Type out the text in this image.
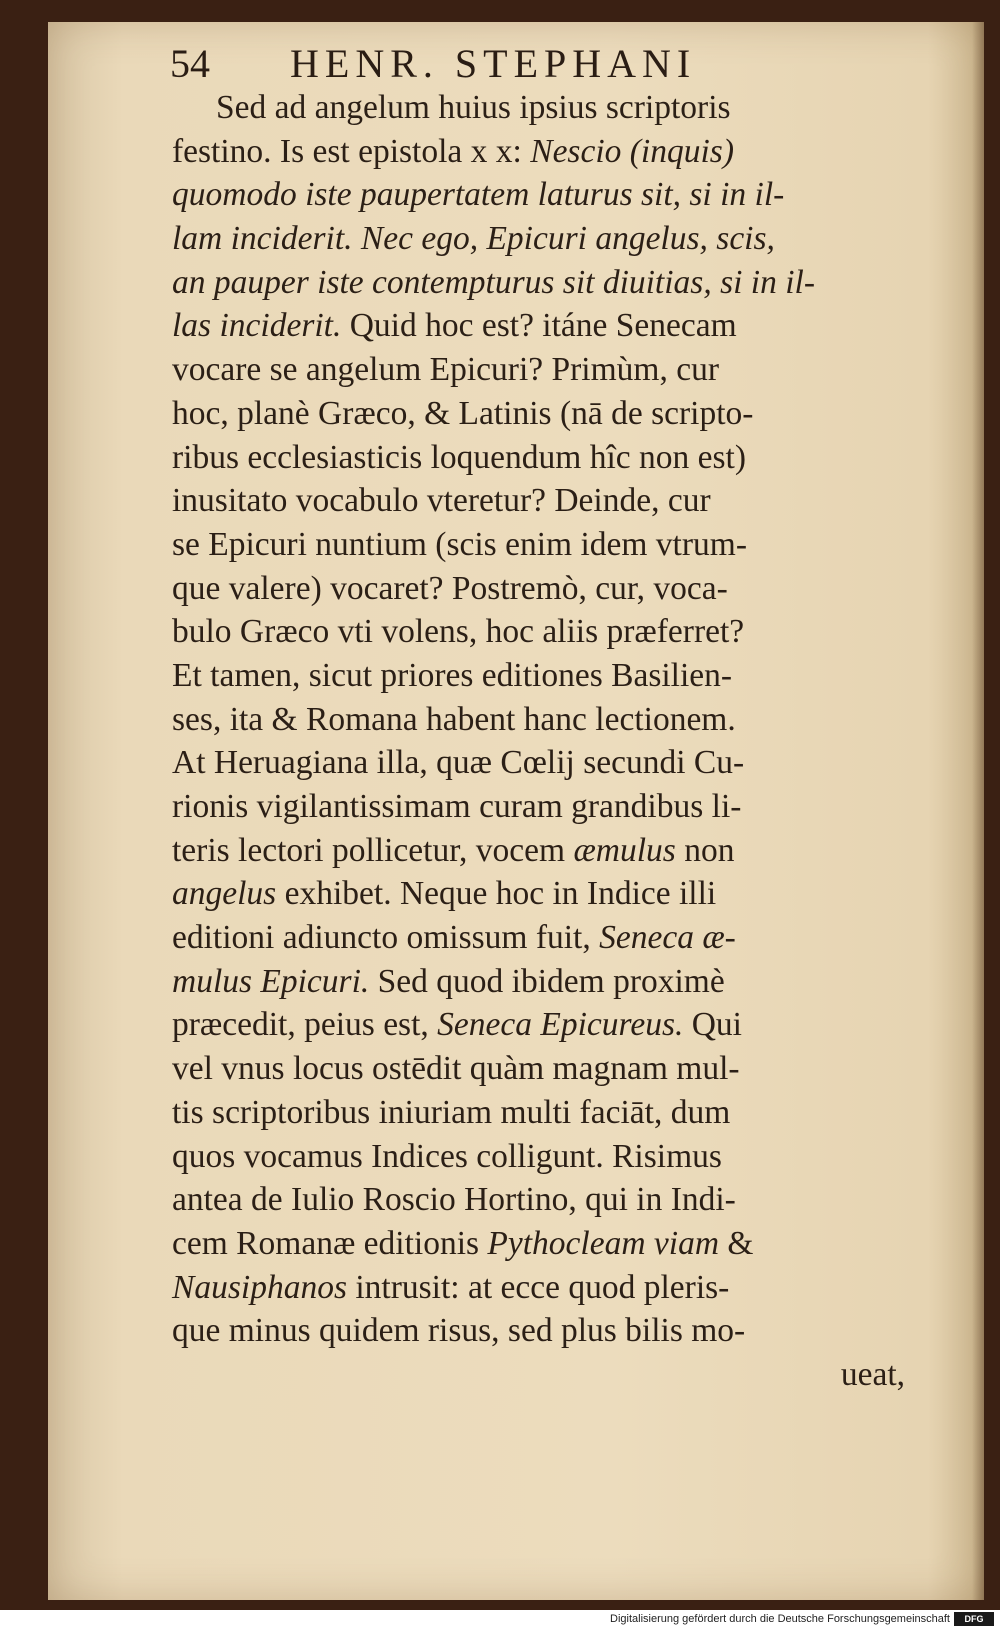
54 HENR. STEPHANI
Sed ad angelum huius ipsius scriptoris
festino. Is est epistola x x: Nescio (inquis)
quomodo iste paupertatem laturus sit, si in il-
lam inciderit. Nec ego, Epicuri angelus, scis,
an pauper iste contempturus sit diuitias, si in il-
las inciderit. Quid hoc est? itáne Senecam
vocare se angelum Epicuri? Primùm, cur
hoc, planè Græco, & Latinis (nā de scripto-
ribus ecclesiasticis loquendum hîc non est)
inusitato vocabulo vteretur? Deinde, cur
se Epicuri nuntium (scis enim idem vtrum-
que valere) vocaret? Postremò, cur, voca-
bulo Græco vti volens, hoc aliis præferret?
Et tamen, sicut priores editiones Basilien-
ses, ita & Romana habent hanc lectionem.
At Heruagiana illa, quæ Cœlij secundi Cu-
rionis vigilantissimam curam grandibus li-
teris lectori pollicetur, vocem æmulus non
angelus exhibet. Neque hoc in Indice illi
editioni adiuncto omissum fuit, Seneca æ-
mulus Epicuri. Sed quod ibidem proximè
præcedit, peius est, Seneca Epicureus. Qui
vel vnus locus ostēdit quàm magnam mul-
tis scriptoribus iniuriam multi faciāt, dum
quos vocamus Indices colligunt. Risimus
antea de Iulio Roscio Hortino, qui in Indi-
cem Romanæ editionis Pythocleam viam &
Nausiphanos intrusit: at ecce quod pleris-
que minus quidem risus, sed plus bilis mo-
ueat,
Digitalisierung gefördert durch die Deutsche Forschungsgemeinschaft	DFG
